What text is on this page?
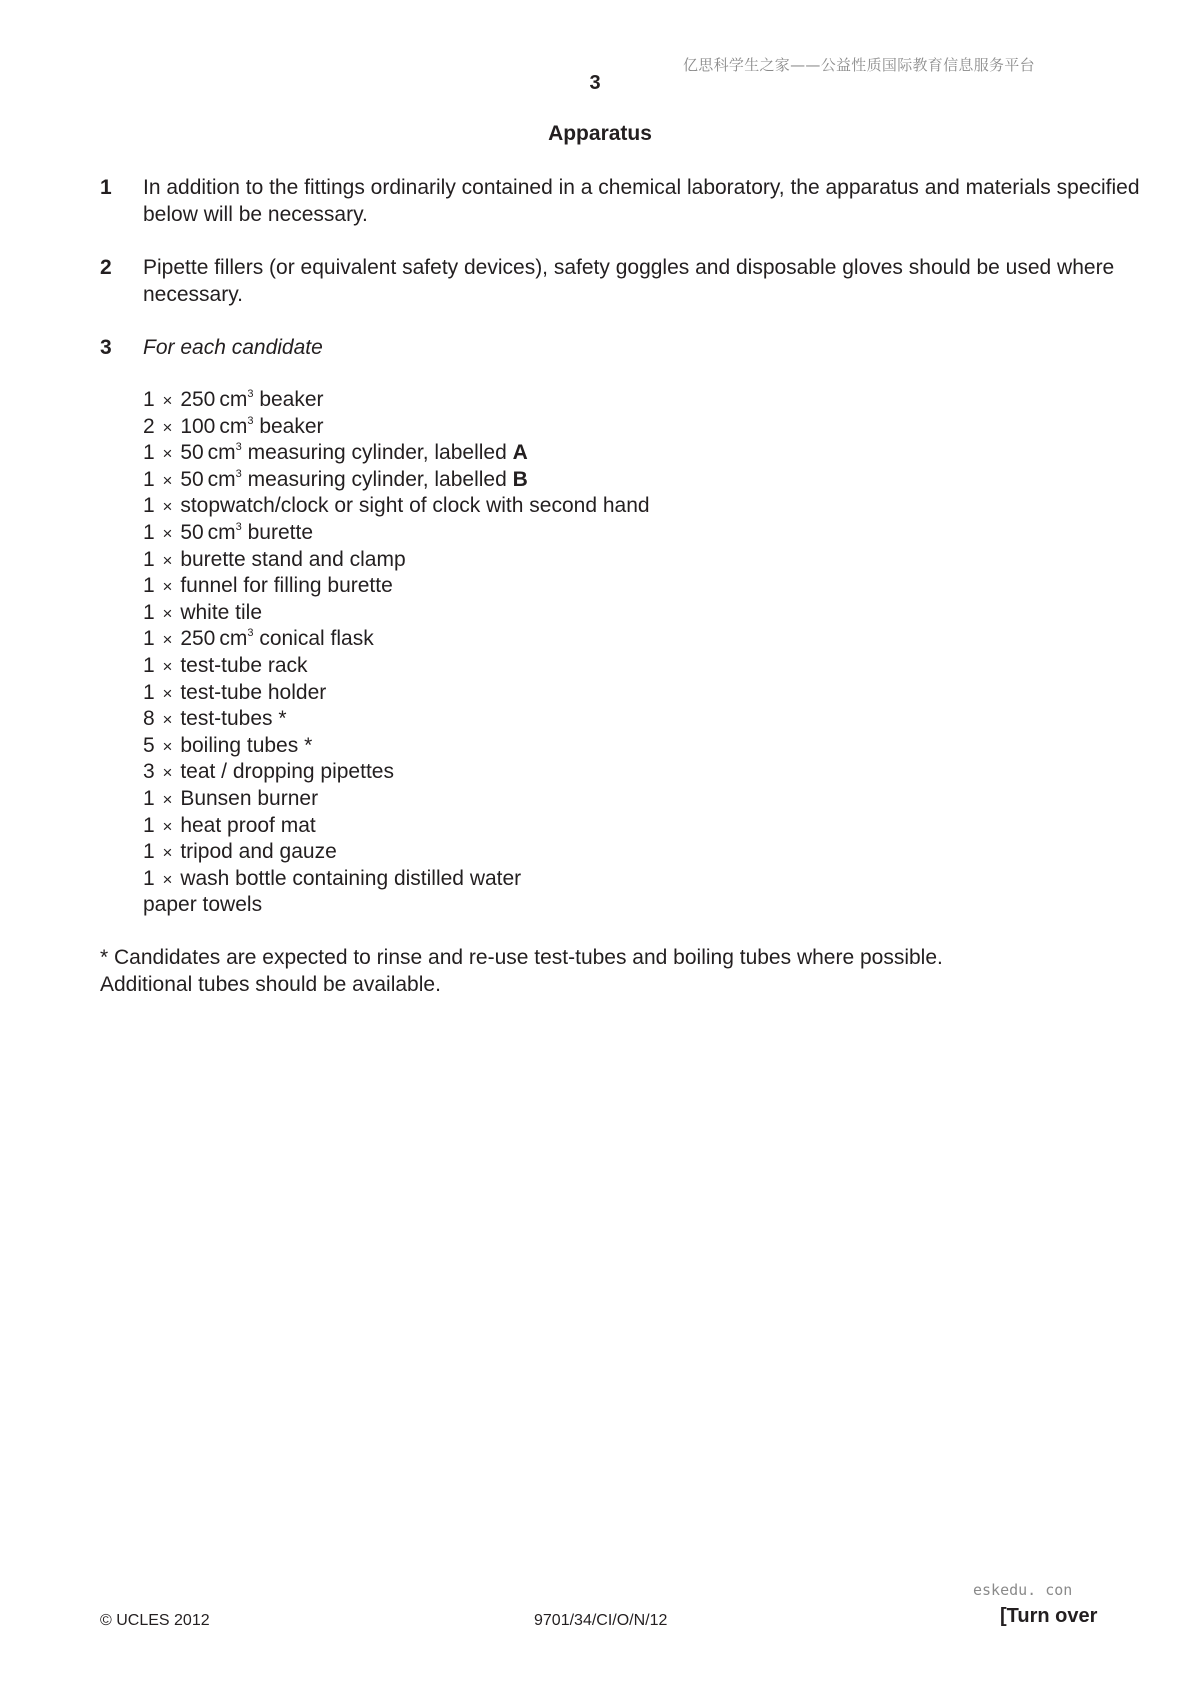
亿思科学生之家——公益性质国际教育信息服务平台
3
Apparatus
1 In addition to the fittings ordinarily contained in a chemical laboratory, the apparatus and materials specified below will be necessary.
2 Pipette fillers (or equivalent safety devices), safety goggles and disposable gloves should be used where necessary.
3 For each candidate
1 × 250 $cm^3$ beaker
2 × 100 $cm^3$ beaker
1 × 50 $cm^3$ measuring cylinder, labelled A
1 × 50 $cm^3$ measuring cylinder, labelled B
1 × stopwatch/clock or sight of clock with second hand
1 × 50 $cm^3$ burette
1 × burette stand and clamp
1 × funnel for filling burette
1 × white tile
1 × 250 $cm^3$ conical flask
1 × test-tube rack
1 × test-tube holder
8 × test-tubes *
5 × boiling tubes *
3 × teat / dropping pipettes
1 × Bunsen burner
1 × heat proof mat
1 × tripod and gauze
1 × wash bottle containing distilled water
paper towels
* Candidates are expected to rinse and re-use test-tubes and boiling tubes where possible.
Additional tubes should be available.
eskedu. con
© UCLES 2012	9701/34/CI/O/N/12	[Turn over
